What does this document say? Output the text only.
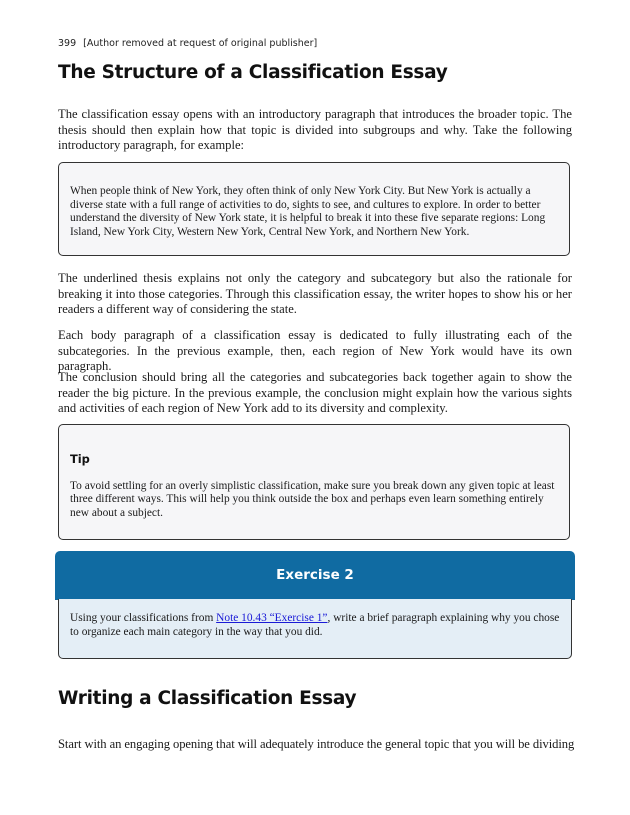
399 [Author removed at request of original publisher]
The Structure of a Classification Essay

The classification essay opens with an introductory paragraph that introduces the broader topic. The thesis should then explain how that topic is divided into subgroups and why. Take the following introductory paragraph, for example:

When people think of New York, they often think of only New York City. But New York is actually a diverse state with a full range of activities to do, sights to see, and cultures to explore. In order to better understand the diversity of New York state, it is helpful to break it into these five separate regions: Long Island, New York City, Western New York, Central New York, and Northern New York.

The underlined thesis explains not only the category and subcategory but also the rationale for breaking it into those categories. Through this classification essay, the writer hopes to show his or her readers a different way of considering the state.

Each body paragraph of a classification essay is dedicated to fully illustrating each of the subcategories. In the previous example, then, each region of New York would have its own paragraph.

The conclusion should bring all the categories and subcategories back together again to show the reader the big picture. In the previous example, the conclusion might explain how the various sights and activities of each region of New York add to its diversity and complexity.

Tip

To avoid settling for an overly simplistic classification, make sure you break down any given topic at least three different ways. This will help you think outside the box and perhaps even learn something entirely new about a subject.

Exercise 2

Using your classifications from Note 10.43 “Exercise 1”, write a brief paragraph explaining why you chose to organize each main category in the way that you did.

Writing a Classification Essay

Start with an engaging opening that will adequately introduce the general topic that you will be dividing
